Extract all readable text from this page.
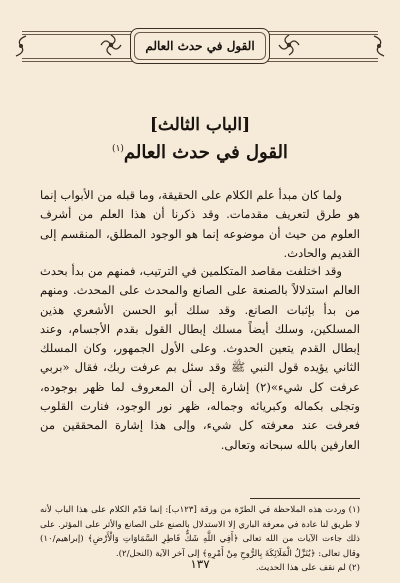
القول في حدث العالم
[الباب الثالث]
القول في حدث العالم$^{(١)}$

ولما كان مبدأ علم الكلام على الحقيقة، وما قبله من الأبواب إنما هو طرق لتعريف مقدمات. وقد ذكرنا أن هذا العلم من أشرف العلوم من حيث أن موضوعه إنما هو الوجود المطلق، المنقسم إلى القديم والحادث.

وقد اختلفت مقاصد المتكلمين في الترتيب، فمنهم من بدأ بحدث العالم استدلالاً بالصنعة على الصانع والمحدث على المحدث. ومنهم من بدأ بإثبات الصانع. وقد سلك أبو الحسن الأشعري هذين المسلكين، وسلك أيضاً مسلك إبطال القول بقدم الأجسام، وعند إبطال القدم يتعين الحدوث. وعلى الأول الجمهور، وكان المسلك الثاني يؤيده قول النبي ﷺ وقد سئل بم عرفت ربك، فقال «بربي عرفت كل شيء»(٢) إشارة إلى أن المعروف لما ظهر بوجوده، وتجلى بكماله وكبريائه وجماله، ظهر نور الوجود، فنارت القلوب فعرفت عند معرفته كل شيء، وإلى هذا إشارة المحققين من العارفين بالله سبحانه وتعالى.

(١) وردت هذه الملاحظة في الطرّة من ورقة [١٢٣ب]: إنما قدّم الكلام على هذا الباب لأنه لا طريق لنا عادة في معرفة الباري إلا الاستدلال بالصنع على الصانع والأثر على المؤثر. على ذلك جاءت الآيات من الله تعالى ﴿أَفِي اللَّهِ شَكٌّ فَاطِرِ السَّمَاوَاتِ وَالْأَرْضِ﴾ (إبراهيم/١٠) وقال تعالى: ﴿يُنَزِّلُ الْمَلَائِكَةَ بِالرُّوحِ مِنْ أَمْرِهِ﴾ إلى آخر الآية (النحل/٢).

(٢) لم نقف على هذا الحديث.

١٣٧
